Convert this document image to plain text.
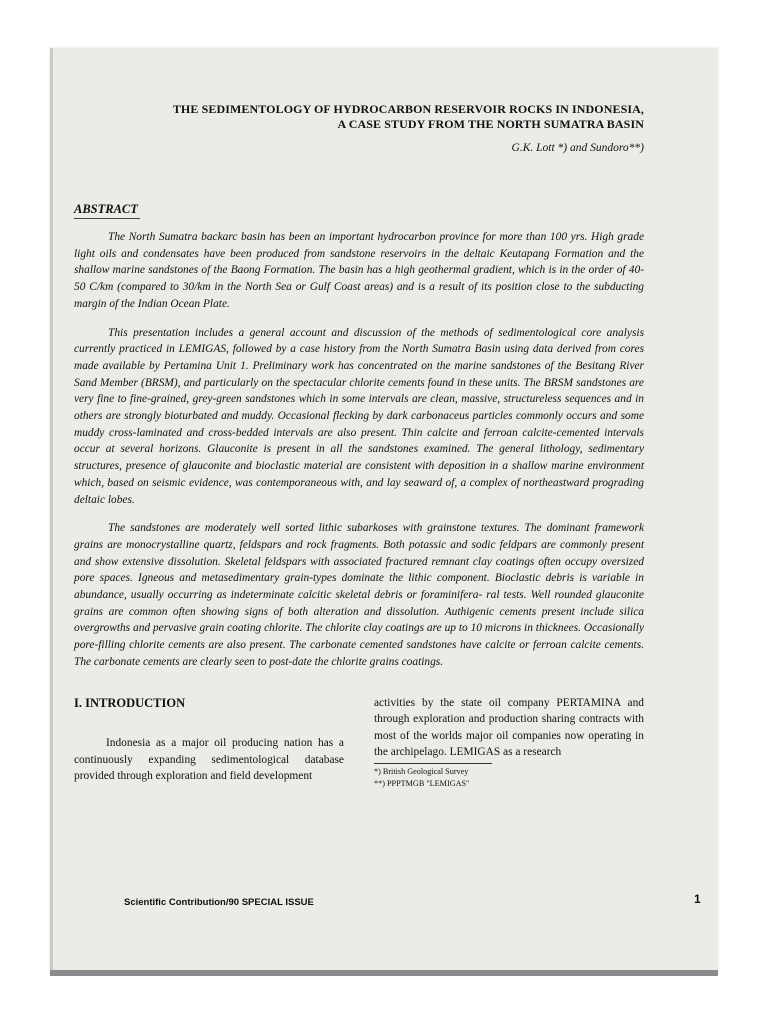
THE SEDIMENTOLOGY OF HYDROCARBON RESERVOIR ROCKS IN INDONESIA,
A CASE STUDY FROM THE NORTH SUMATRA BASIN
G.K. Lott *) and Sundoro**)
ABSTRACT

The North Sumatra backarc basin has been an important hydrocarbon province for more than 100 yrs. High grade light oils and condensates have been produced from sandstone reservoirs in the deltaic Keutapang Formation and the shallow marine sandstones of the Baong Formation. The basin has a high geothermal gradient, which is in the order of 40-50 C/km (compared to 30/km in the North Sea or Gulf Coast areas) and is a result of its position close to the subducting margin of the Indian Ocean Plate.

This presentation includes a general account and discussion of the methods of sedimentological core analysis currently practiced in LEMIGAS, followed by a case history from the North Sumatra Basin using data derived from cores made available by Pertamina Unit 1. Preliminary work has concentrated on the marine sandstones of the Besitang River Sand Member (BRSM), and particularly on the spectacular chlorite cements found in these units. The BRSM sandstones are very fine to fine-grained, grey-green sandstones which in some intervals are clean, massive, structureless sequences and in others are strongly bioturbated and muddy. Occasional flecking by dark carbonaceus particles commonly occurs and some muddy cross-laminated and cross-bedded intervals are also present. Thin calcite and ferroan calcite-cemented intervals occur at several horizons. Glauconite is present in all the sandstones examined. The general lithology, sedimentary structures, presence of glauconite and bioclastic material are consistent with deposition in a shallow marine environment which, based on seismic evidence, was contemporaneous with, and lay seaward of, a complex of northeastward prograding deltaic lobes.

The sandstones are moderately well sorted lithic subarkoses with grainstone textures. The dominant framework grains are monocrystalline quartz, feldspars and rock fragments. Both potassic and sodic feldpars are commonly present and show extensive dissolution. Skeletal feldspars with associated fractured remnant clay coatings often occupy oversized pore spaces. Igneous and metasedimentary grain-types dominate the lithic component. Bioclastic debris is variable in abundance, usually occurring as indeterminate calcitic skeletal debris or foraminifera- ral tests. Well rounded glauconite grains are common often showing signs of both alteration and dissolution. Authigenic cements present include silica overgrowths and pervasive grain coating chlorite. The chlorite clay coatings are up to 10 microns in thicknees. Occasionally pore-filling chlorite cements are also present. The carbonate cemented sandstones have calcite or ferroan calcite cements. The carbonate cements are clearly seen to post-date the chlorite grains coatings.

I. INTRODUCTION

Indonesia as a major oil producing nation has a continuously expanding sedimentological database provided through exploration and field development

activities by the state oil company PERTAMINA and through exploration and production sharing contracts with most of the worlds major oil companies now operating in the archipelago. LEMIGAS as a research

*) British Geological Survey
**) PPPTMGB "LEMIGAS"
Scientific Contribution/90 SPECIAL ISSUE	1
